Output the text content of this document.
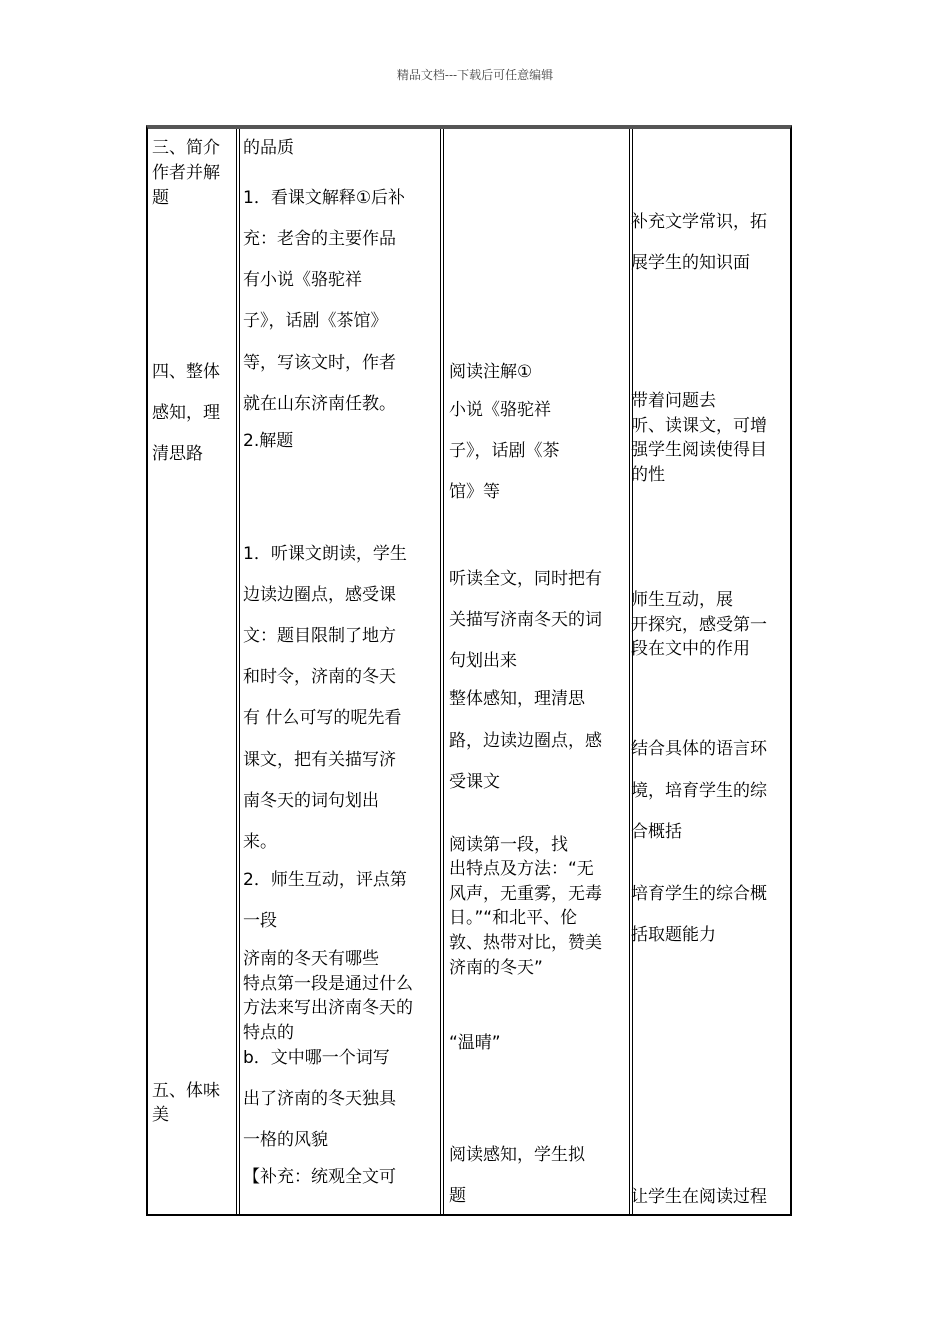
精品文档---下载后可任意编辑
三、简介
作者并解
题
四、整体
感知，理
清思路
五、体味
美
的品质
1．看课文解释①后补
充：老舍的主要作品
有小说《骆驼祥
子》，话剧《茶馆》
等，写该文时，作者
就在山东济南任教。
2.解题
1．听课文朗读，学生
边读边圈点，感受课
文：题目限制了地方
和时令，济南的冬天
有 什么可写的呢先看
课文，把有关描写济
南冬天的词句划出
来。
2．师生互动，评点第
一段
济南的冬天有哪些
特点第一段是通过什么
方法来写出济南冬天的
特点的
b．文中哪一个词写
出了济南的冬天独具
一格的风貌
【补充：统观全文可
阅读注解①
小说《骆驼祥
子》，话剧《茶
馆》等
听读全文，同时把有
关描写济南冬天的词
句划出来
整体感知，理清思
路，边读边圈点，感
受课文
阅读第一段，找
出特点及方法：“无
风声，无重雾，无毒
日。”“和北平、伦
敦、热带对比，赞美
济南的冬天”
“温晴”
阅读感知，学生拟
题
补充文学常识，拓
展学生的知识面
带着问题去
听、读课文，可增
强学生阅读使得目
的性
师生互动，展
开探究，感受第一
段在文中的作用
结合具体的语言环
境，培育学生的综
合概括
培育学生的综合概
括取题能力
让学生在阅读过程
